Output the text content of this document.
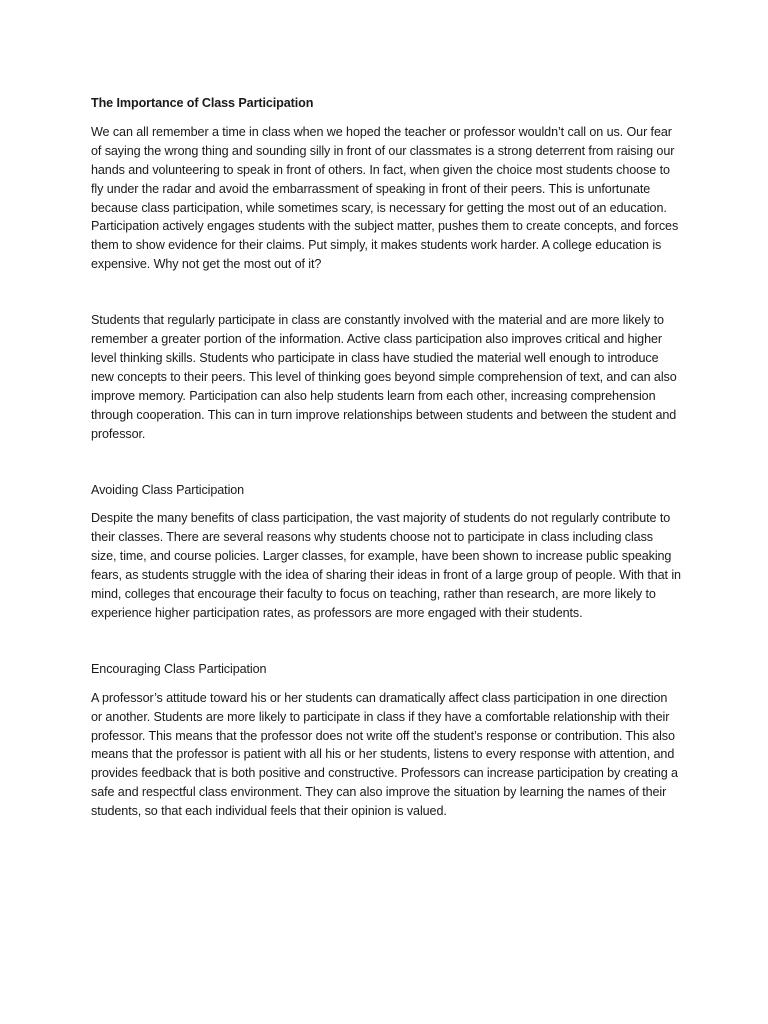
The Importance of Class Participation

We can all remember a time in class when we hoped the teacher or professor wouldn’t call on us. Our fear of saying the wrong thing and sounding silly in front of our classmates is a strong deterrent from raising our hands and volunteering to speak in front of others. In fact, when given the choice most students choose to fly under the radar and avoid the embarrassment of speaking in front of their peers. This is unfortunate because class participation, while sometimes scary, is necessary for getting the most out of an education. Participation actively engages students with the subject matter, pushes them to create concepts, and forces them to show evidence for their claims. Put simply, it makes students work harder. A college education is expensive. Why not get the most out of it?

Students that regularly participate in class are constantly involved with the material and are more likely to remember a greater portion of the information. Active class participation also improves critical and higher level thinking skills. Students who participate in class have studied the material well enough to introduce new concepts to their peers. This level of thinking goes beyond simple comprehension of text, and can also improve memory. Participation can also help students learn from each other, increasing comprehension through cooperation. This can in turn improve relationships between students and between the student and professor.

Avoiding Class Participation

Despite the many benefits of class participation, the vast majority of students do not regularly contribute to their classes. There are several reasons why students choose not to participate in class including class size, time, and course policies. Larger classes, for example, have been shown to increase public speaking fears, as students struggle with the idea of sharing their ideas in front of a large group of people. With that in mind, colleges that encourage their faculty to focus on teaching, rather than research, are more likely to experience higher participation rates, as professors are more engaged with their students.

Encouraging Class Participation

A professor’s attitude toward his or her students can dramatically affect class participation in one direction or another. Students are more likely to participate in class if they have a comfortable relationship with their professor. This means that the professor does not write off the student’s response or contribution. This also means that the professor is patient with all his or her students, listens to every response with attention, and provides feedback that is both positive and constructive. Professors can increase participation by creating a safe and respectful class environment. They can also improve the situation by learning the names of their students, so that each individual feels that their opinion is valued.
